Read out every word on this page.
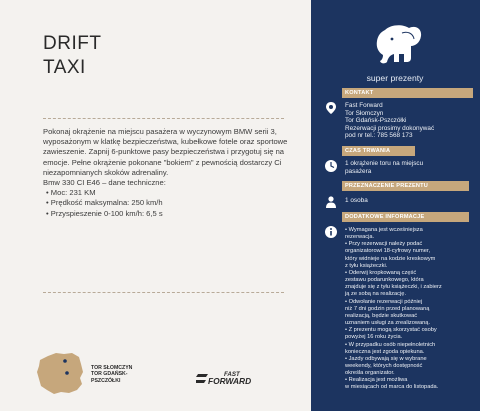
DRIFT
TAXI

Pokonaj okrążenie na miejscu pasażera w wyczynowym BMW serii 3, wyposażonym w klatkę bezpieczeństwa, kubełkowe fotele oraz sportowe zawieszenie. Zapnij 6-punktowe pasy bezpieczeństwa i przygotuj się na emocje. Pełne okrążenie pokonane "bokiem" z pewnością dostarczy Ci niezapomnianych skoków adrenaliny.

Bmw 330 CI E46 – dane techniczne:

• Moc: 231 KM
• Prędkość maksymalna: 250 km/h
• Przyspieszenie 0-100 km/h: 6,5 s
TOR SŁOMCZYN
TOR GDAŃSK-
PSZCZÓŁKI
FAST
FORWARD
super prezenty
KONTAKT
Fast Forward
Tor Słomczyn
Tor Gdańsk-Pszczółki
Rezerwacji prosimy dokonywać
pod nr tel.: 785 568 173
CZAS TRWANIA
1 okrążenie toru na miejscu
pasażera
PRZEZNACZENIE PREZENTU
1 osoba
DODATKOWE INFORMACJE
• Wymagana jest wcześniejsza
rezerwacja.
• Przy rezerwacji należy podać
organizatorowi 18-cyfrowy numer,
który widnieje na kodzie kreskowym
z tyłu książeczki.
• Oderwij kropkowaną część
zestawu podarunkowego, która
znajduje się z tyłu książeczki, i zabierz
ją ze sobą na realizację.
• Odwołanie rezerwacji później
niż 7 dni godzin przed planowaną
realizacją, będzie skutkować
uznaniem usługi za zrealizowaną.
• Z prezentu mogą skorzystać osoby
powyżej 16 roku życia.
• W przypadku osób niepełnoletnich
konieczna jest zgoda opiekuna.
• Jazdy odbywają się w wybrane
weekendy, których dostępność
określa organizator.
• Realizacja jest możliwa
w miesiącach od marca do listopada.
